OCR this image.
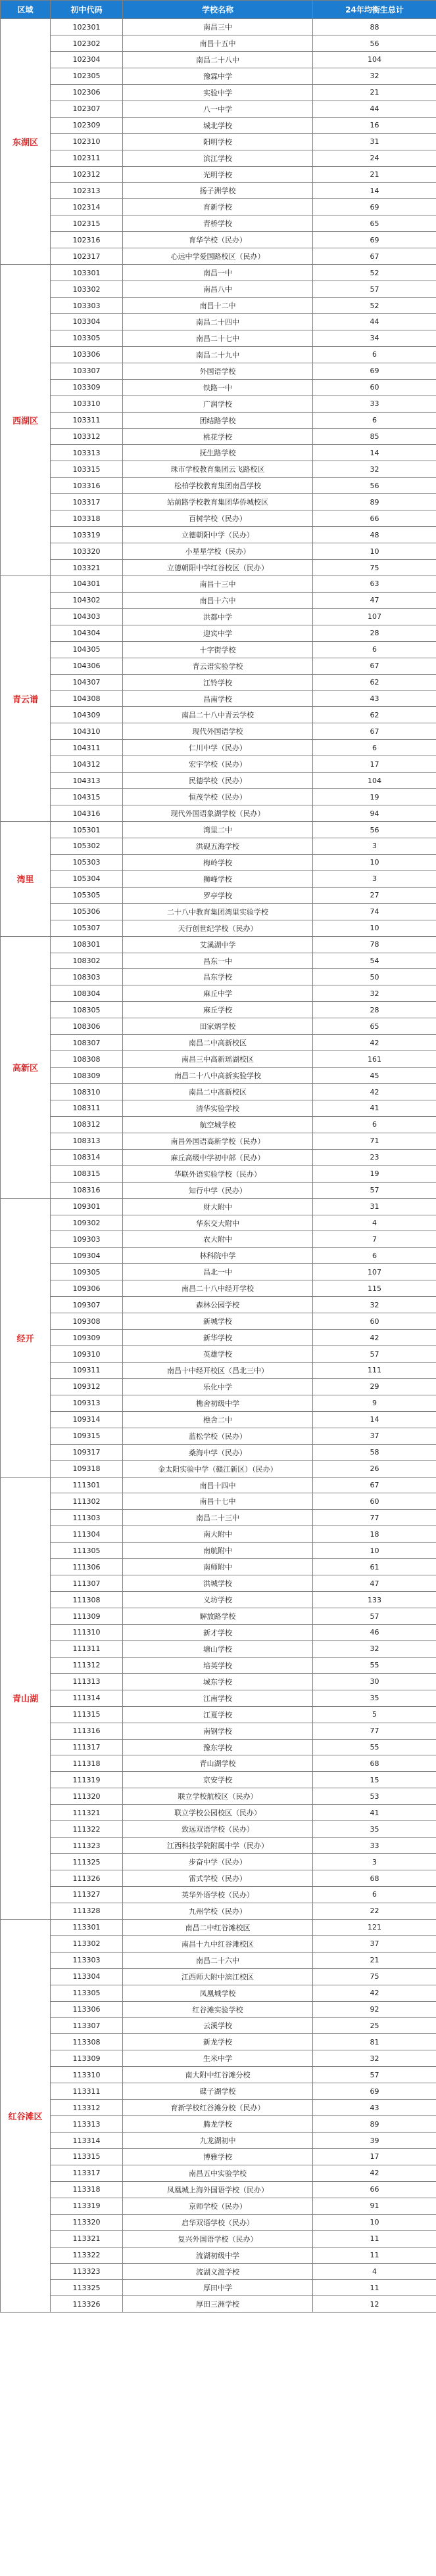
区域	初中代码	学校名称	24年均衡生总计
东湖区	102301	南昌三中	88
	102302	南昌十五中	56
	102304	南昌二十八中	104
	102305	豫霖中学	32
	102306	实验中学	21
	102307	八一中学	44
	102309	城北学校	16
	102310	阳明学校	31
	102311	滨江学校	24
	102312	光明学校	21
	102313	扬子洲学校	14
	102314	育新学校	69
	102315	青桥学校	65
	102316	育华学校（民办）	69
	102317	心远中学爱国路校区（民办）	67
西湖区	103301	南昌一中	52
	103302	南昌八中	57
	103303	南昌十二中	52
	103304	南昌二十四中	44
	103305	南昌二十七中	34
	103306	南昌二十九中	6
	103307	外国语学校	69
	103309	铁路一中	60
	103310	广润学校	33
	103311	团结路学校	6
	103312	桃花学校	85
	103313	抚生路学校	14
	103315	珠市学校教育集团云飞路校区	32
	103316	松柏学校教育集团南昌学校	56
	103317	站前路学校教育集团华侨城校区	89
	103318	百树学校（民办）	66
	103319	立德朝阳中学（民办）	48
	103320	小星星学校（民办）	10
	103321	立德朝阳中学红谷校区（民办）	75
青云谱	104301	南昌十三中	63
	104302	南昌十六中	47
	104303	洪都中学	107
	104304	迎宾中学	28
	104305	十字街学校	6
	104306	青云谱实验学校	67
	104307	江铃学校	62
	104308	昌南学校	43
	104309	南昌二十八中青云学校	62
	104310	现代外国语学校	67
	104311	仁川中学（民办）	6
	104312	宏宇学校（民办）	17
	104313	民德学校（民办）	104
	104315	恒茂学校（民办）	19
	104316	现代外国语象湖学校（民办）	94
湾里	105301	湾里二中	56
	105302	洪砚五海学校	3
	105303	梅岭学校	10
	105304	狮峰学校	3
	105305	罗亭学校	27
	105306	二十八中教育集团湾里实验学校	74
	105307	天行创世纪学校（民办）	10
高新区	108301	艾溪湖中学	78
	108302	昌东一中	54
	108303	昌东学校	50
	108304	麻丘中学	32
	108305	麻丘学校	28
	108306	田家炳学校	65
	108307	南昌二中高新校区	42
	108308	南昌三中高新瑶湖校区	161
	108309	南昌二十八中高新实验学校	45
	108310	南昌二中高新校区	42
	108311	清华实验学校	41
	108312	航空城学校	6
	108313	南昌外国语高新学校（民办）	71
	108314	麻丘高级中学初中部（民办）	23
	108315	华联外语实验学校（民办）	19
	108316	知行中学（民办）	57
经开	109301	财大附中	31
	109302	华东交大附中	4
	109303	农大附中	7
	109304	林科院中学	6
	109305	昌北一中	107
	109306	南昌二十八中经开学校	115
	109307	森林公园学校	32
	109308	新城学校	60
	109309	新华学校	42
	109310	英雄学校	57
	109311	南昌十中经开校区（昌北三中）	111
	109312	乐化中学	29
	109313	樵舍初级中学	9
	109314	樵舍二中	14
	109315	蓝松学校（民办）	37
	109317	桑海中学（民办）	58
	109318	金太阳实验中学（赣江新区）（民办）	26
青山湖	111301	南昌十四中	67
	111302	南昌十七中	60
	111303	南昌二十三中	77
	111304	南大附中	18
	111305	南航附中	10
	111306	南师附中	61
	111307	洪城学校	47
	111308	义坊学校	133
	111309	解放路学校	57
	111310	新才学校	46
	111311	塘山学校	32
	111312	培英学校	55
	111313	城东学校	30
	111314	江南学校	35
	111315	江夏学校	5
	111316	南钢学校	77
	111317	豫东学校	55
	111318	青山湖学校	68
	111319	京安学校	15
	111320	联立学校航校区（民办）	53
	111321	联立学校公园校区（民办）	41
	111322	致远双语学校（民办）	35
	111323	江西科技学院附属中学（民办）	33
	111325	步奋中学（民办）	3
	111326	雷式学校（民办）	68
	111327	英华外语学校（民办）	6
	111328	九州学校（民办）	22
红谷滩区	113301	南昌二中红谷滩校区	121
	113302	南昌十九中红谷滩校区	37
	113303	南昌二十六中	21
	113304	江西师大附中滨江校区	75
	113305	凤凰城学校	42
	113306	红谷滩实验学校	92
	113307	云溪学校	25
	113308	新龙学校	81
	113309	生米中学	32
	113310	南大附中红谷滩分校	57
	113311	碟子湖学校	69
	113312	育新学校红谷滩分校（民办）	43
	113313	腾龙学校	89
	113314	九龙湖初中	39
	113315	博雅学校	17
	113317	南昌五中实验学校	42
	113318	凤凰城上海外国语学校（民办）	66
	113319	京师学校（民办）	91
	113320	启华双语学校（民办）	10
	113321	复兴外国语学校（民办）	11
	113322	流湖初级中学	11
	113323	流湖义渡学校	4
	113325	厚田中学	11
	113326	厚田三洲学校	12
